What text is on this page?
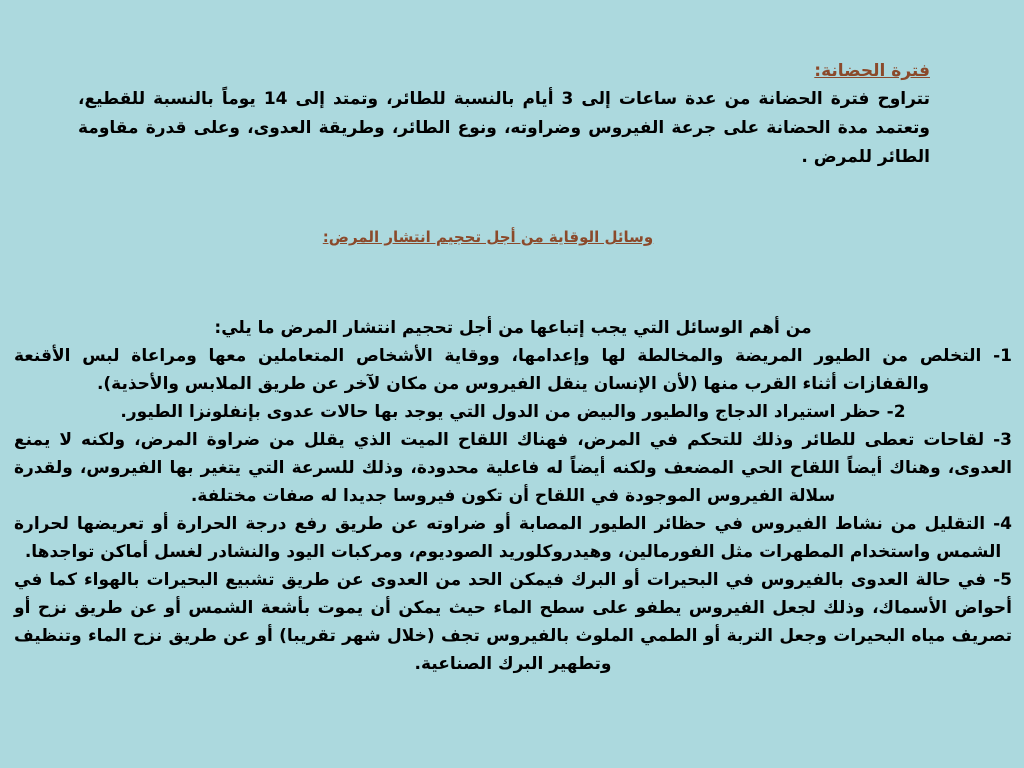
فترة الحضانة:
تتراوح فترة الحضانة من عدة ساعات إلى 3 أيام بالنسبة للطائر، وتمتد إلى 14 يوماً بالنسبة للقطيع، وتعتمد مدة الحضانة على جرعة الفيروس وضراوته، ونوع الطائر، وطريقة العدوى، وعلى قدرة مقاومة الطائر للمرض .
وسائل الوقاية من أجل تحجيم انتشار المرض:
من أهم الوسائل التي يجب إتباعها من أجل تحجيم انتشار المرض ما يلي:
1- التخلص من الطيور المريضة والمخالطة لها وإعدامها، ووقاية الأشخاص المتعاملين معها ومراعاة لبس الأقنعة والقفازات أثناء القرب منها (لأن الإنسان ينقل الفيروس من مكان لآخر عن طريق الملابس والأحذية).
2- حظر استيراد الدجاج والطيور والبيض من الدول التي يوجد بها حالات عدوى بإنفلونزا الطيور.
3- لقاحات تعطى للطائر وذلك للتحكم في المرض، فهناك اللقاح الميت الذي يقلل من ضراوة المرض، ولكنه لا يمنع العدوى، وهناك أيضاً اللقاح الحي المضعف ولكنه أيضاً له فاعلية محدودة، وذلك للسرعة التي يتغير بها الفيروس، ولقدرة سلالة الفيروس الموجودة في اللقاح أن تكون فيروسا جديدا له صفات مختلفة.
4- التقليل من نشاط الفيروس في حظائر الطيور المصابة أو ضراوته عن طريق رفع درجة الحرارة أو تعريضها لحرارة الشمس واستخدام المطهرات مثل الفورمالين، وهيدروكلوريد الصوديوم، ومركبات اليود والنشادر لغسل أماكن تواجدها.
5- في حالة العدوى بالفيروس في البحيرات أو البرك فيمكن الحد من العدوى عن طريق تشبيع البحيرات بالهواء كما في أحواض الأسماك، وذلك لجعل الفيروس يطفو على سطح الماء حيث يمكن أن يموت بأشعة الشمس أو عن طريق نزح أو تصريف مياه البحيرات وجعل التربة أو الطمي الملوث بالفيروس تجف (خلال شهر تقريبا) أو عن طريق نزح الماء وتنظيف وتطهير البرك الصناعية.
